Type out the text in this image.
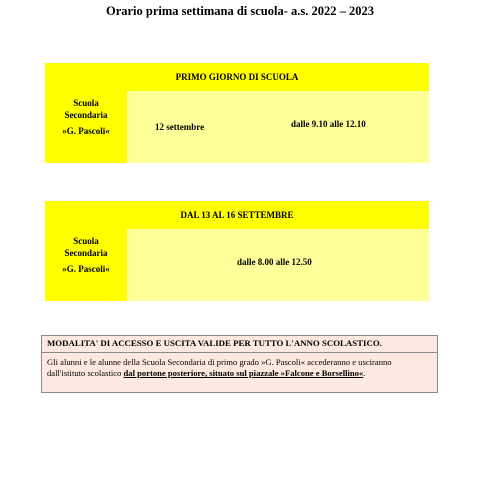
Orario prima settimana di scuola- a.s. 2022 – 2023
PRIMO GIORNO DI SCUOLA
Scuola
Secondaria
»G. Pascoli«	12 settembre	dalle 9.10 alle 12.10
DAL 13 AL 16 SETTEMBRE
Scuola
Secondaria
»G. Pascoli«
dalle 8.00 alle 12.50
MODALITA' DI ACCESSO E USCITA VALIDE PER TUTTO L'ANNO SCOLASTICO.
Gli alunni e le alunne della Scuola Secondaria di primo grado »G. Pascoli« accederanno e usciranno dall'istituto scolastico dal portone posteriore, situato sul piazzale »Falcone e Borsellino«.
